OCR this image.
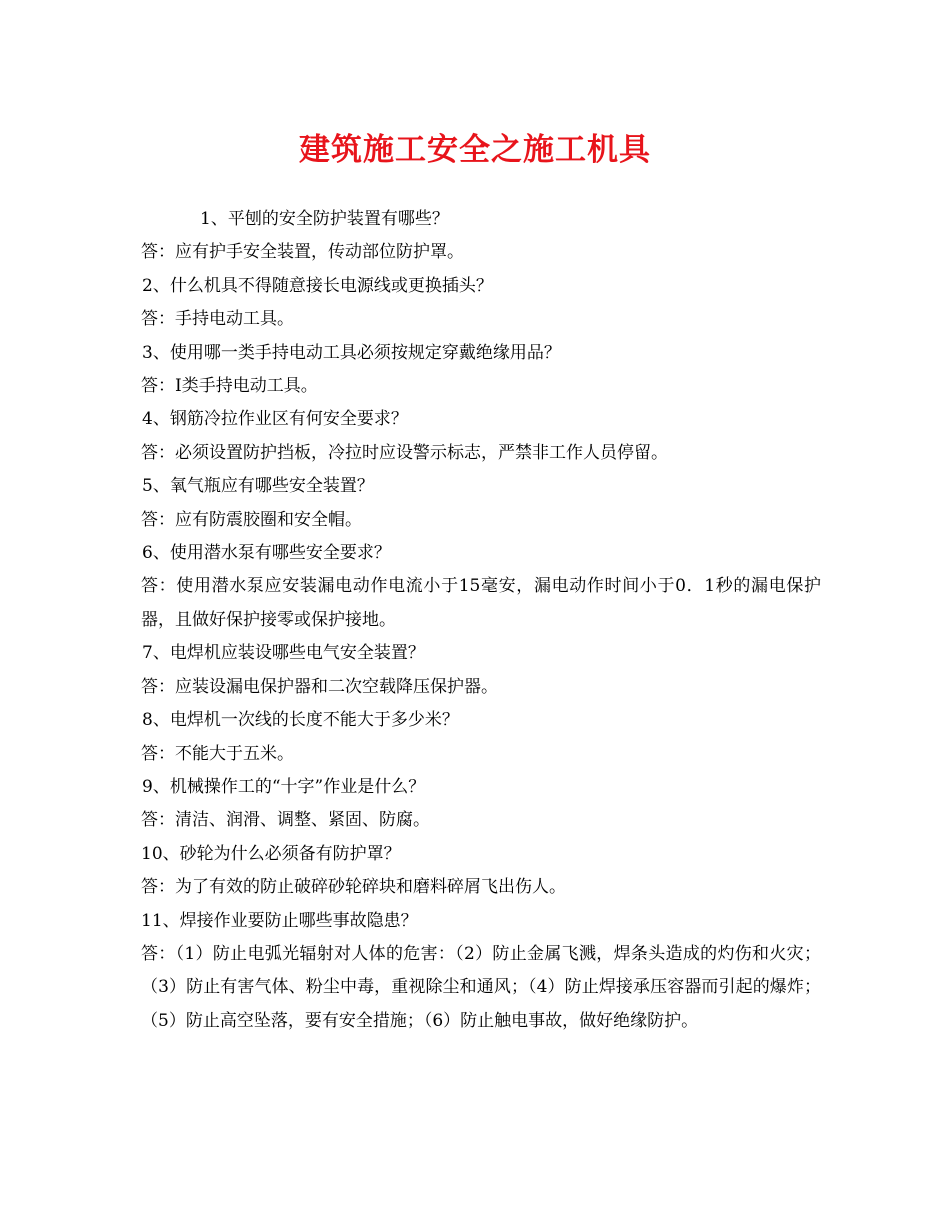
建筑施工安全之施工机具

1、平刨的安全防护装置有哪些？

答：应有护手安全装置，传动部位防护罩。

2、什么机具不得随意接长电源线或更换插头？

答：手持电动工具。

3、使用哪一类手持电动工具必须按规定穿戴绝缘用品？

答：Ⅰ类手持电动工具。

4、钢筋冷拉作业区有何安全要求？

答：必须设置防护挡板，冷拉时应设警示标志，严禁非工作人员停留。

5、氧气瓶应有哪些安全装置？

答：应有防震胶圈和安全帽。

6、使用潜水泵有哪些安全要求？

答：使用潜水泵应安装漏电动作电流小于15毫安，漏电动作时间小于0．1秒的漏电保护器，且做好保护接零或保护接地。

7、电焊机应装设哪些电气安全装置？

答：应装设漏电保护器和二次空载降压保护器。

8、电焊机一次线的长度不能大于多少米？

答：不能大于五米。

9、机械操作工的“十字”作业是什么？

答：清洁、润滑、调整、紧固、防腐。

10、砂轮为什么必须备有防护罩？

答：为了有效的防止破碎砂轮碎块和磨料碎屑飞出伤人。

11、焊接作业要防止哪些事故隐患？

答：（1）防止电弧光辐射对人体的危害：（2）防止金属飞溅，焊条头造成的灼伤和火灾；（3）防止有害气体、粉尘中毒，重视除尘和通风；（4）防止焊接承压容器而引起的爆炸；（5）防止高空坠落，要有安全措施；（6）防止触电事故，做好绝缘防护。
